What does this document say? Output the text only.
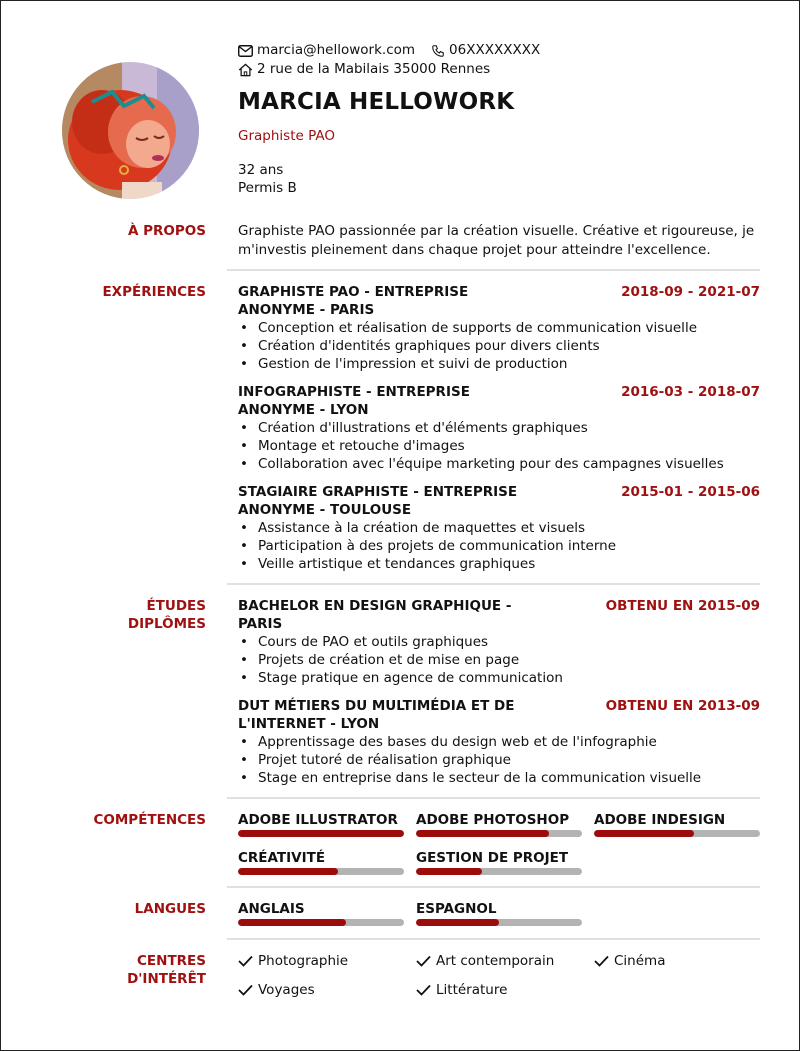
marcia@hellowork.com	06XXXXXXXX
2 rue de la Mabilais 35000 Rennes
MARCIA HELLOWORK
Graphiste PAO
32 ans
Permis B
À PROPOS Graphiste PAO passionnée par la création visuelle. Créative et rigoureuse, je m'investis pleinement dans chaque projet pour atteindre l'excellence.
EXPÉRIENCES GRAPHISTE PAO - ENTREPRISE
ANONYME - PARIS
2018-09 - 2021-07
• Conception et réalisation de supports de communication visuelle
• Création d'identités graphiques pour divers clients
• Gestion de l'impression et suivi de production
INFOGRAPHISTE - ENTREPRISE
ANONYME - LYON
2016-03 - 2018-07
• Création d'illustrations et d'éléments graphiques
• Montage et retouche d'images
• Collaboration avec l'équipe marketing pour des campagnes visuelles
STAGIAIRE GRAPHISTE - ENTREPRISE
ANONYME - TOULOUSE
2015-01 - 2015-06
• Assistance à la création de maquettes et visuels
• Participation à des projets de communication interne
• Veille artistique et tendances graphiques
ÉTUDES
DIPLÔMES
BACHELOR EN DESIGN GRAPHIQUE -
PARIS
OBTENU EN 2015-09
• Cours de PAO et outils graphiques
• Projets de création et de mise en page
• Stage pratique en agence de communication
DUT MÉTIERS DU MULTIMÉDIA ET DE
L'INTERNET - LYON
OBTENU EN 2013-09
• Apprentissage des bases du design web et de l'infographie
• Projet tutoré de réalisation graphique
• Stage en entreprise dans le secteur de la communication visuelle
COMPÉTENCES ADOBE ILLUSTRATOR	ADOBE PHOTOSHOP	ADOBE INDESIGN
CRÉATIVITÉ	GESTION DE PROJET
LANGUES ANGLAIS	ESPAGNOL
CENTRES
D'INTÉRÊT
Photographie	Art contemporain	Cinéma
Voyages	Littérature
